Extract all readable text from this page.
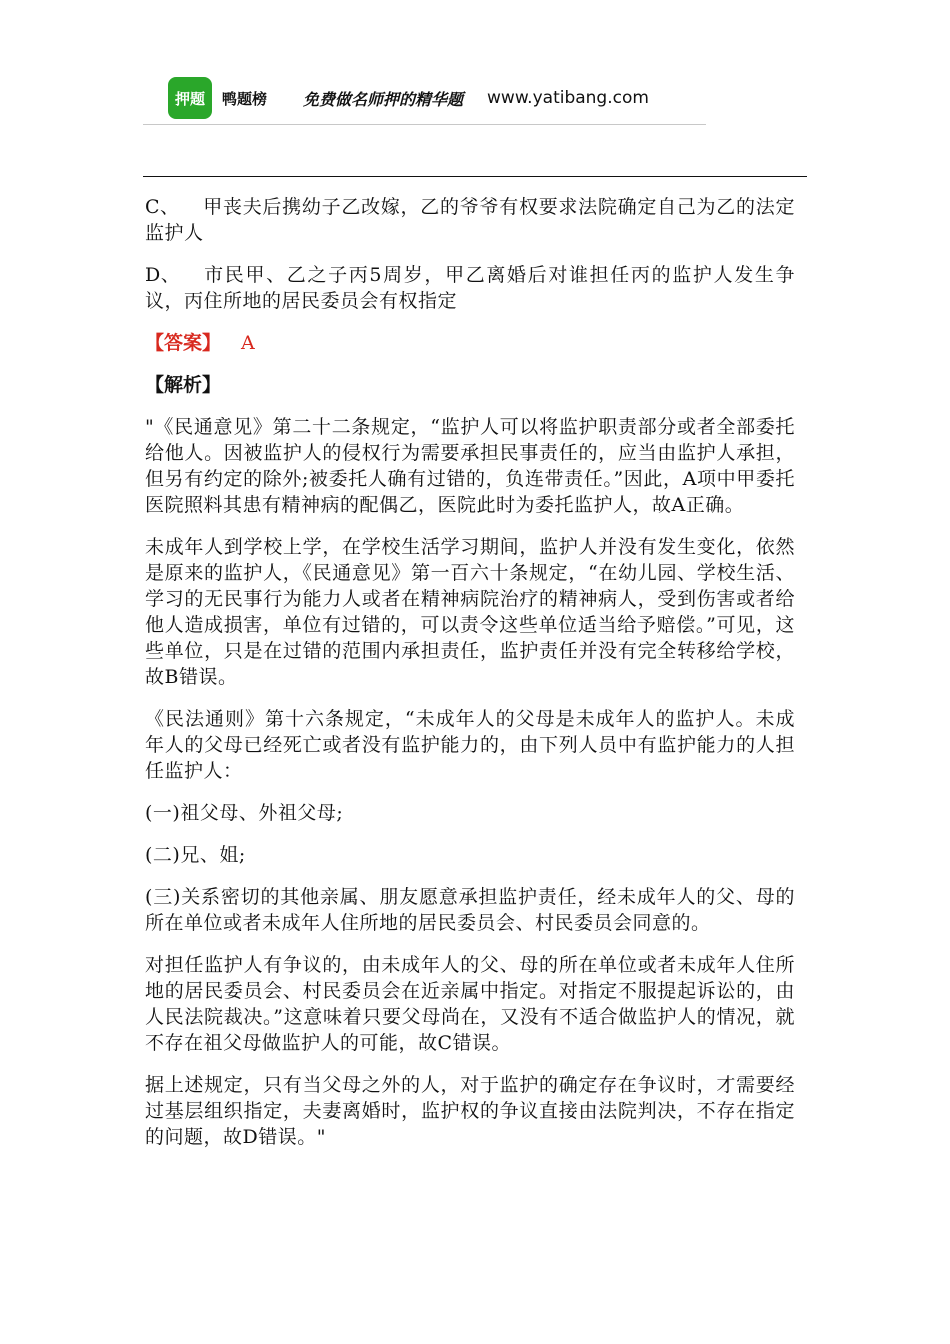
押题 鸭题榜 免费做名师押的精华题 www.yatibang.com

C、 甲丧夫后携幼子乙改嫁，乙的爷爷有权要求法院确定自己为乙的法定监护人

D、 市民甲、乙之子丙5周岁，甲乙离婚后对谁担任丙的监护人发生争议，丙住所地的居民委员会有权指定

【答案】 A
【解析】

"《民通意见》第二十二条规定，“监护人可以将监护职责部分或者全部委托给他人。因被监护人的侵权行为需要承担民事责任的，应当由监护人承担，但另有约定的除外;被委托人确有过错的，负连带责任。”因此，A项中甲委托医院照料其患有精神病的配偶乙，医院此时为委托监护人，故A正确。

未成年人到学校上学，在学校生活学习期间，监护人并没有发生变化，依然是原来的监护人，《民通意见》第一百六十条规定，“在幼儿园、学校生活、学习的无民事行为能力人或者在精神病院治疗的精神病人，受到伤害或者给他人造成损害，单位有过错的，可以责令这些单位适当给予赔偿。”可见，这些单位，只是在过错的范围内承担责任，监护责任并没有完全转移给学校，故B错误。

《民法通则》第十六条规定，“未成年人的父母是未成年人的监护人。未成年人的父母已经死亡或者没有监护能力的，由下列人员中有监护能力的人担任监护人：

(一)祖父母、外祖父母;

(二)兄、姐;

(三)关系密切的其他亲属、朋友愿意承担监护责任，经未成年人的父、母的所在单位或者未成年人住所地的居民委员会、村民委员会同意的。

对担任监护人有争议的，由未成年人的父、母的所在单位或者未成年人住所地的居民委员会、村民委员会在近亲属中指定。对指定不服提起诉讼的，由人民法院裁决。”这意味着只要父母尚在，又没有不适合做监护人的情况，就不存在祖父母做监护人的可能，故C错误。

据上述规定，只有当父母之外的人，对于监护的确定存在争议时，才需要经过基层组织指定，夫妻离婚时，监护权的争议直接由法院判决，不存在指定的问题，故D错误。"
